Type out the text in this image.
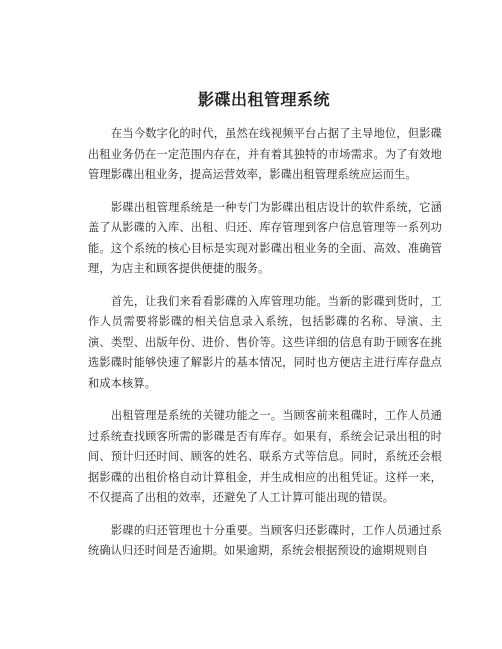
影碟出租管理系统

在当今数字化的时代，虽然在线视频平台占据了主导地位，但影碟出租业务仍在一定范围内存在，并有着其独特的市场需求。为了有效地管理影碟出租业务，提高运营效率，影碟出租管理系统应运而生。

影碟出租管理系统是一种专门为影碟出租店设计的软件系统，它涵盖了从影碟的入库、出租、归还、库存管理到客户信息管理等一系列功能。这个系统的核心目标是实现对影碟出租业务的全面、高效、准确管理，为店主和顾客提供便捷的服务。

首先，让我们来看看影碟的入库管理功能。当新的影碟到货时，工作人员需要将影碟的相关信息录入系统，包括影碟的名称、导演、主演、类型、出版年份、进价、售价等。这些详细的信息有助于顾客在挑选影碟时能够快速了解影片的基本情况，同时也方便店主进行库存盘点和成本核算。

出租管理是系统的关键功能之一。当顾客前来租碟时，工作人员通过系统查找顾客所需的影碟是否有库存。如果有，系统会记录出租的时间、预计归还时间、顾客的姓名、联系方式等信息。同时，系统还会根据影碟的出租价格自动计算租金，并生成相应的出租凭证。这样一来，不仅提高了出租的效率，还避免了人工计算可能出现的错误。

影碟的归还管理也十分重要。当顾客归还影碟时，工作人员通过系统确认归还时间是否逾期。如果逾期，系统会根据预设的逾期规则自
